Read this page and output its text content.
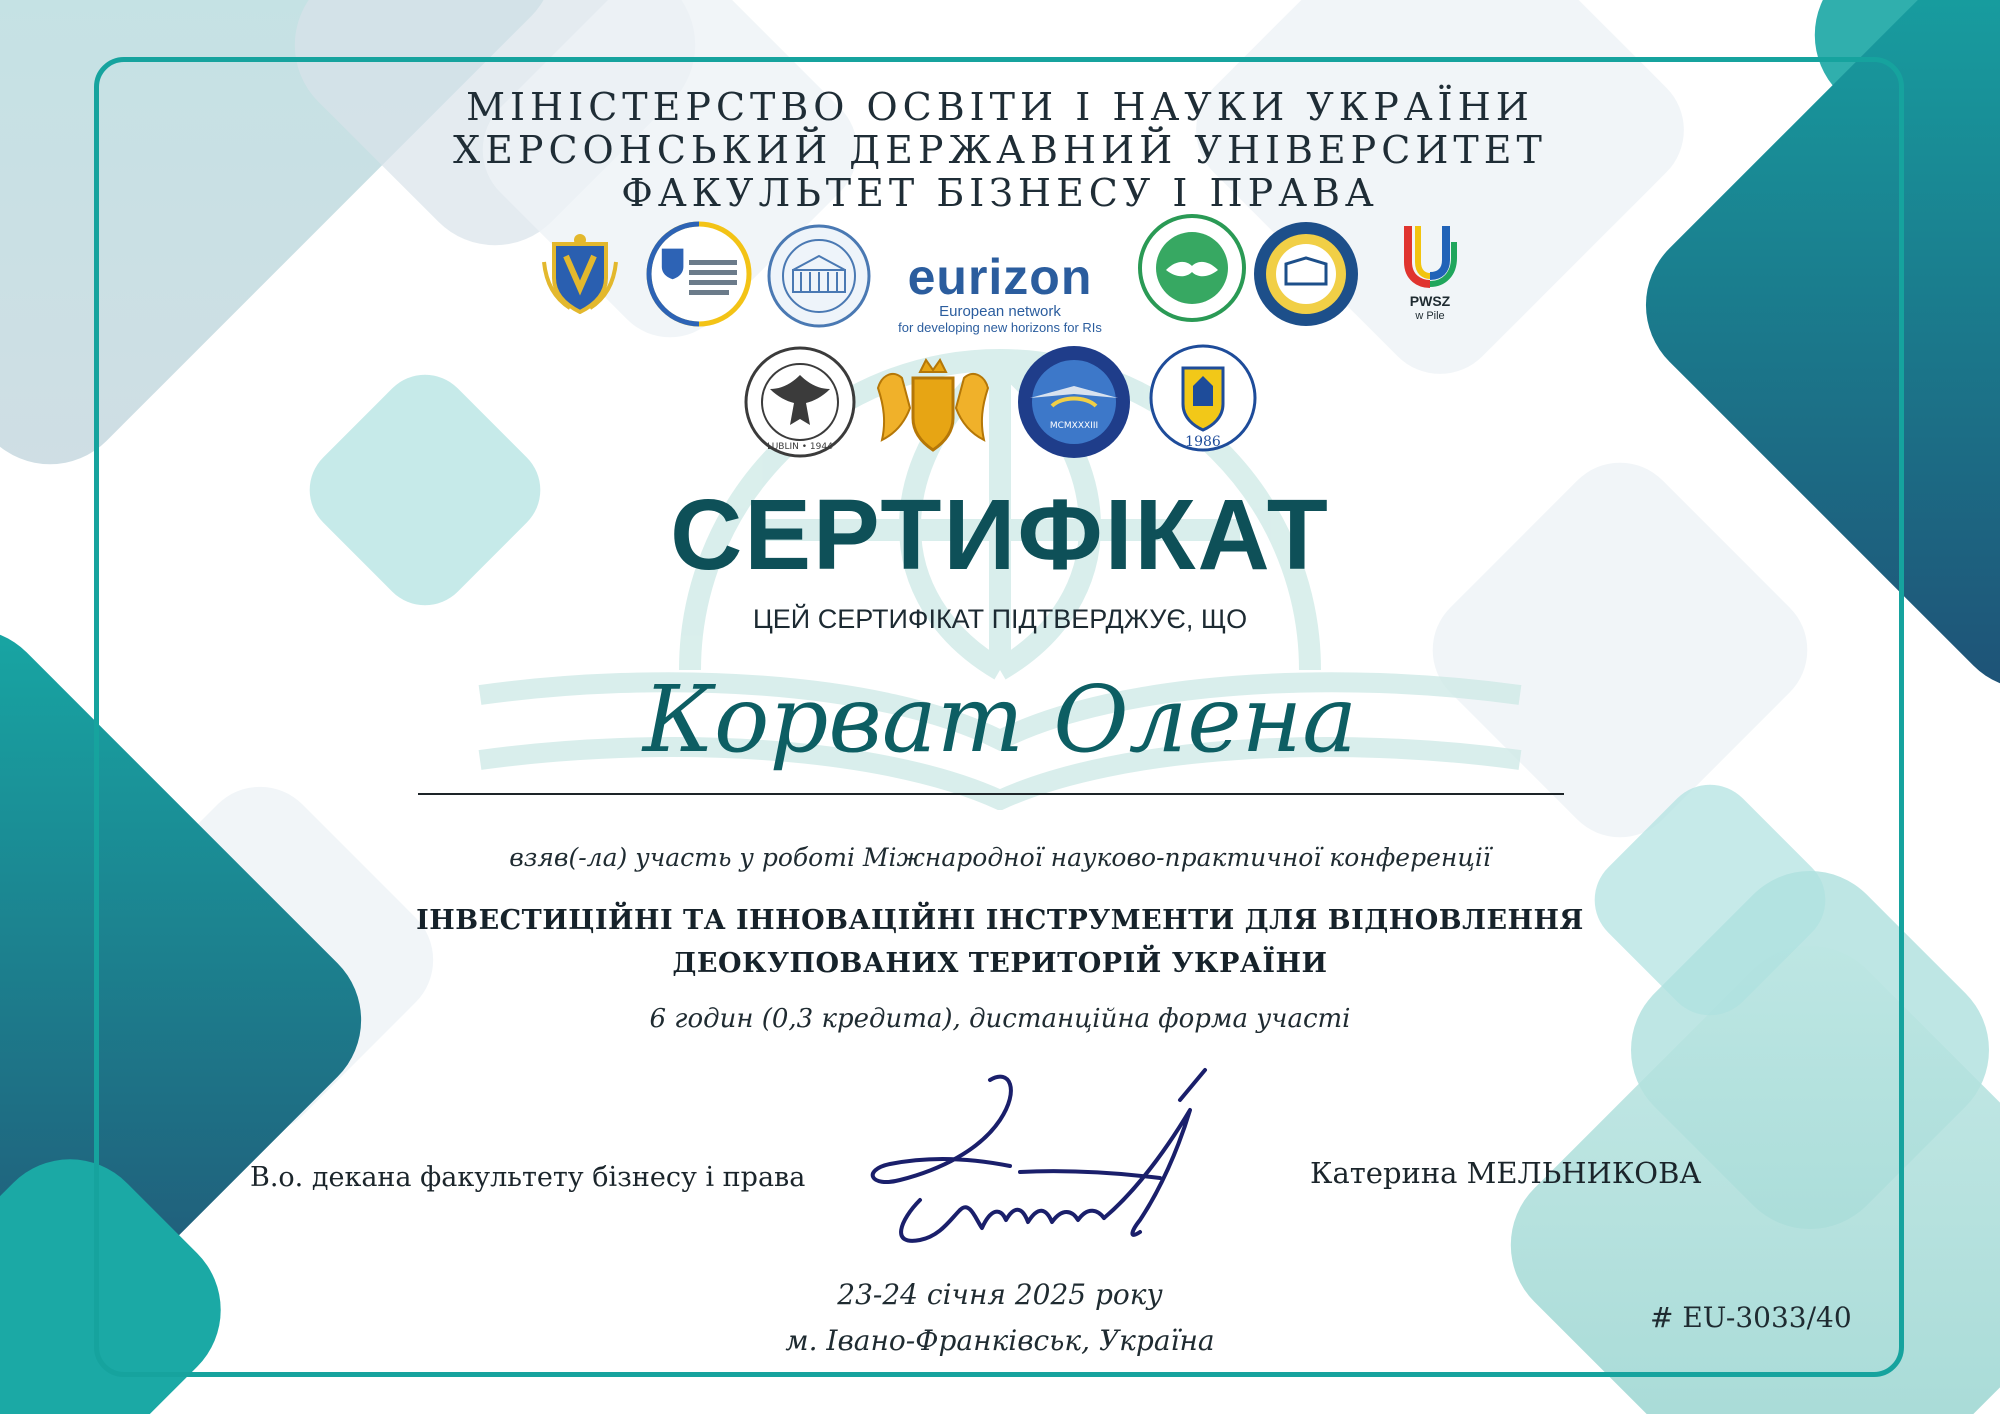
МІНІСТЕРСТВО ОСВІТИ І НАУКИ УКРАЇНИ
ХЕРСОНСЬКИЙ ДЕРЖАВНИЙ УНІВЕРСИТЕТ
ФАКУЛЬТЕТ БІЗНЕСУ І ПРАВА
eurizon
European network
for developing new horizons for RIs
PWSZ
w Pile
LUBLIN • 1944
MCMXXXIII
1986
СЕРТИФІКАТ
ЦЕЙ СЕРТИФІКАТ ПІДТВЕРДЖУЄ, ЩО
Корват Олена
взяв(-ла) участь у роботі Міжнародної науково-практичної конференції
ІНВЕСТИЦІЙНІ ТА ІННОВАЦІЙНІ ІНСТРУМЕНТИ ДЛЯ ВІДНОВЛЕННЯ
ДЕОКУПОВАНИХ ТЕРИТОРІЙ УКРАЇНИ
6 годин (0,3 кредита), дистанційна форма участі
В.о. декана факультету бізнесу і права	Катерина МЕЛЬНИКОВА
23-24 січня 2025 року
м. Івано-Франківськ, Україна
# EU-3033/40
